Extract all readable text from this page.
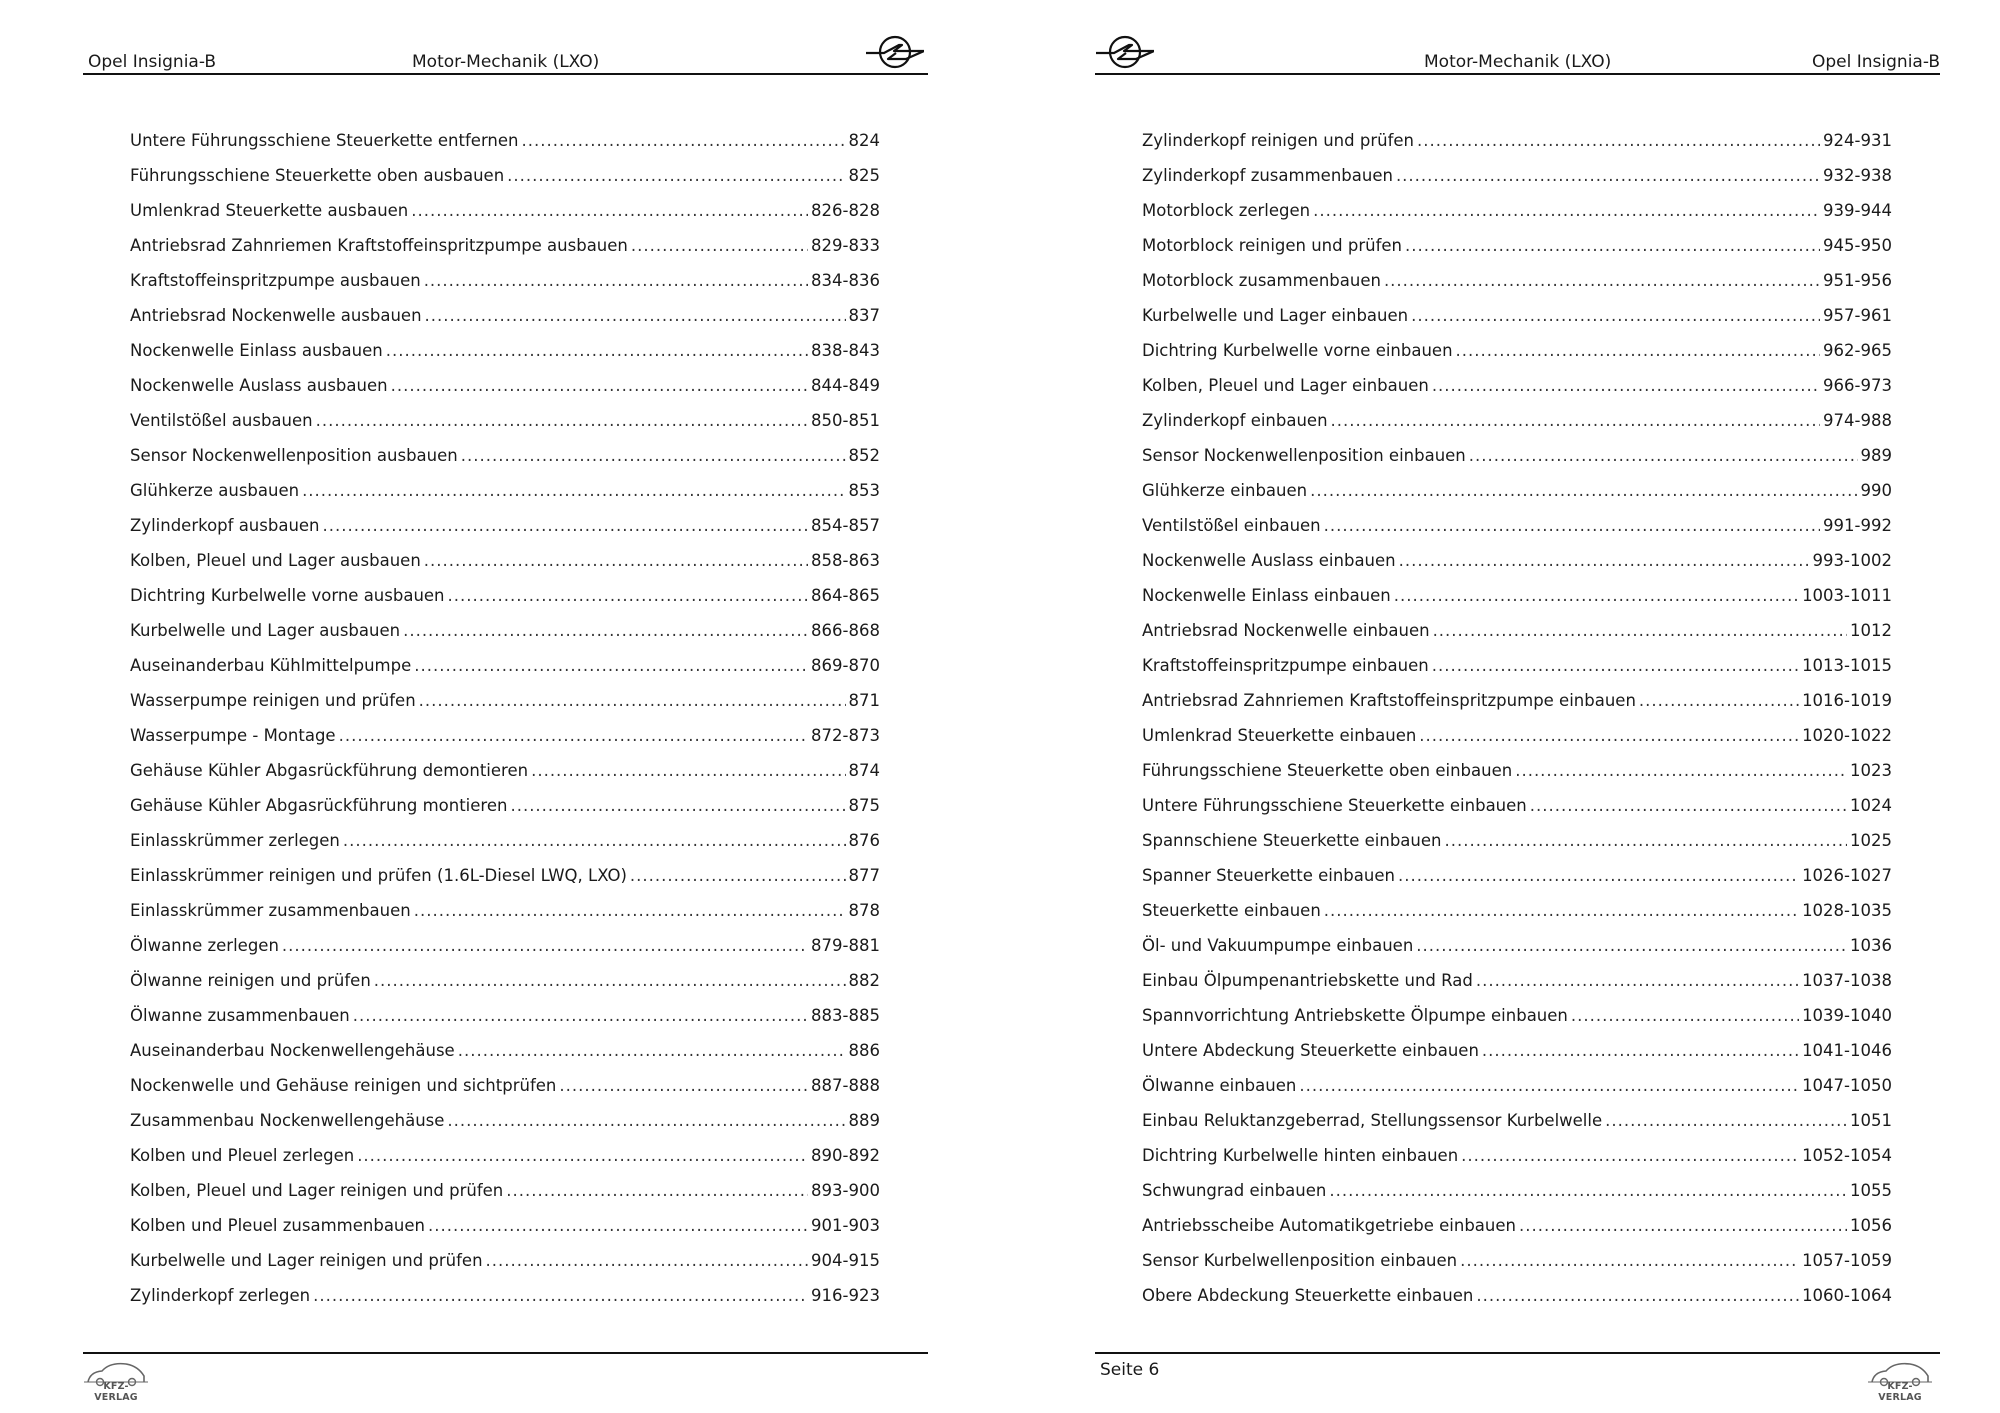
Opel Insignia-B	Motor-Mechanik (LXO)
Untere Führungsschiene Steuerkette entfernen .....	824
Führungsschiene Steuerkette oben ausbauen .....	825
Umlenkrad Steuerkette ausbauen .....	826-828
Antriebsrad Zahnriemen Kraftstoffeinspritzpumpe ausbauen .....	829-833
Kraftstoffeinspritzpumpe ausbauen .....	834-836
Antriebsrad Nockenwelle ausbauen .....	837
Nockenwelle Einlass ausbauen .....	838-843
Nockenwelle Auslass ausbauen .....	844-849
Ventilstößel ausbauen .....	850-851
Sensor Nockenwellenposition ausbauen .....	852
Glühkerze ausbauen .....	853
Zylinderkopf ausbauen .....	854-857
Kolben, Pleuel und Lager ausbauen .....	858-863
Dichtring Kurbelwelle vorne ausbauen .....	864-865
Kurbelwelle und Lager ausbauen .....	866-868
Auseinanderbau Kühlmittelpumpe .....	869-870
Wasserpumpe reinigen und prüfen .....	871
Wasserpumpe - Montage .....	872-873
Gehäuse Kühler Abgasrückführung demontieren .....	874
Gehäuse Kühler Abgasrückführung montieren .....	875
Einlasskrümmer zerlegen .....	876
Einlasskrümmer reinigen und prüfen (1.6L-Diesel LWQ, LXO) .....	877
Einlasskrümmer zusammenbauen .....	878
Ölwanne zerlegen .....	879-881
Ölwanne reinigen und prüfen .....	882
Ölwanne zusammenbauen .....	883-885
Auseinanderbau Nockenwellengehäuse .....	886
Nockenwelle und Gehäuse reinigen und sichtprüfen .....	887-888
Zusammenbau Nockenwellengehäuse .....	889
Kolben und Pleuel zerlegen .....	890-892
Kolben, Pleuel und Lager reinigen und prüfen .....	893-900
Kolben und Pleuel zusammenbauen .....	901-903
Kurbelwelle und Lager reinigen und prüfen .....	904-915
Zylinderkopf zerlegen .....	916-923
KFZ-VERLAG
Motor-Mechanik (LXO)	Opel Insignia-B
Zylinderkopf reinigen und prüfen .....	924-931
Zylinderkopf zusammenbauen .....	932-938
Motorblock zerlegen .....	939-944
Motorblock reinigen und prüfen .....	945-950
Motorblock zusammenbauen .....	951-956
Kurbelwelle und Lager einbauen .....	957-961
Dichtring Kurbelwelle vorne einbauen .....	962-965
Kolben, Pleuel und Lager einbauen .....	966-973
Zylinderkopf einbauen .....	974-988
Sensor Nockenwellenposition einbauen .....	989
Glühkerze einbauen .....	990
Ventilstößel einbauen .....	991-992
Nockenwelle Auslass einbauen .....	993-1002
Nockenwelle Einlass einbauen .....	1003-1011
Antriebsrad Nockenwelle einbauen .....	1012
Kraftstoffeinspritzpumpe einbauen .....	1013-1015
Antriebsrad Zahnriemen Kraftstoffeinspritzpumpe einbauen .....	1016-1019
Umlenkrad Steuerkette einbauen .....	1020-1022
Führungsschiene Steuerkette oben einbauen .....	1023
Untere Führungsschiene Steuerkette einbauen .....	1024
Spannschiene Steuerkette einbauen .....	1025
Spanner Steuerkette einbauen .....	1026-1027
Steuerkette einbauen .....	1028-1035
Öl- und Vakuumpumpe einbauen .....	1036
Einbau Ölpumpenantriebskette und Rad .....	1037-1038
Spannvorrichtung Antriebskette Ölpumpe einbauen .....	1039-1040
Untere Abdeckung Steuerkette einbauen .....	1041-1046
Ölwanne einbauen .....	1047-1050
Einbau Reluktanzgeberrad, Stellungssensor Kurbelwelle .....	1051
Dichtring Kurbelwelle hinten einbauen .....	1052-1054
Schwungrad einbauen .....	1055
Antriebsscheibe Automatikgetriebe einbauen .....	1056
Sensor Kurbelwellenposition einbauen .....	1057-1059
Obere Abdeckung Steuerkette einbauen .....	1060-1064
Seite 6
KFZ-VERLAG
